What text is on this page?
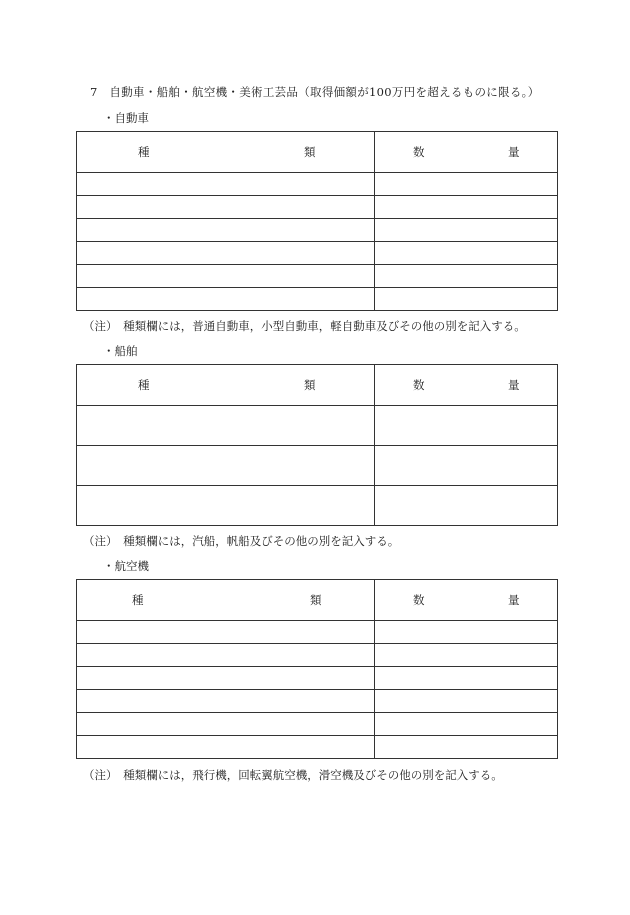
7　自動車・船舶・航空機・美術工芸品（取得価額が100万円を超えるものに限る。）
・自動車
種 類	数 量

（注）　種類欄には，普通自動車，小型自動車，軽自動車及びその他の別を記入する。
・船舶
種 類	数 量

（注）　種類欄には，汽船，帆船及びその他の別を記入する。
・航空機
種 類	数 量

（注）　種類欄には，飛行機，回転翼航空機，滑空機及びその他の別を記入する。
